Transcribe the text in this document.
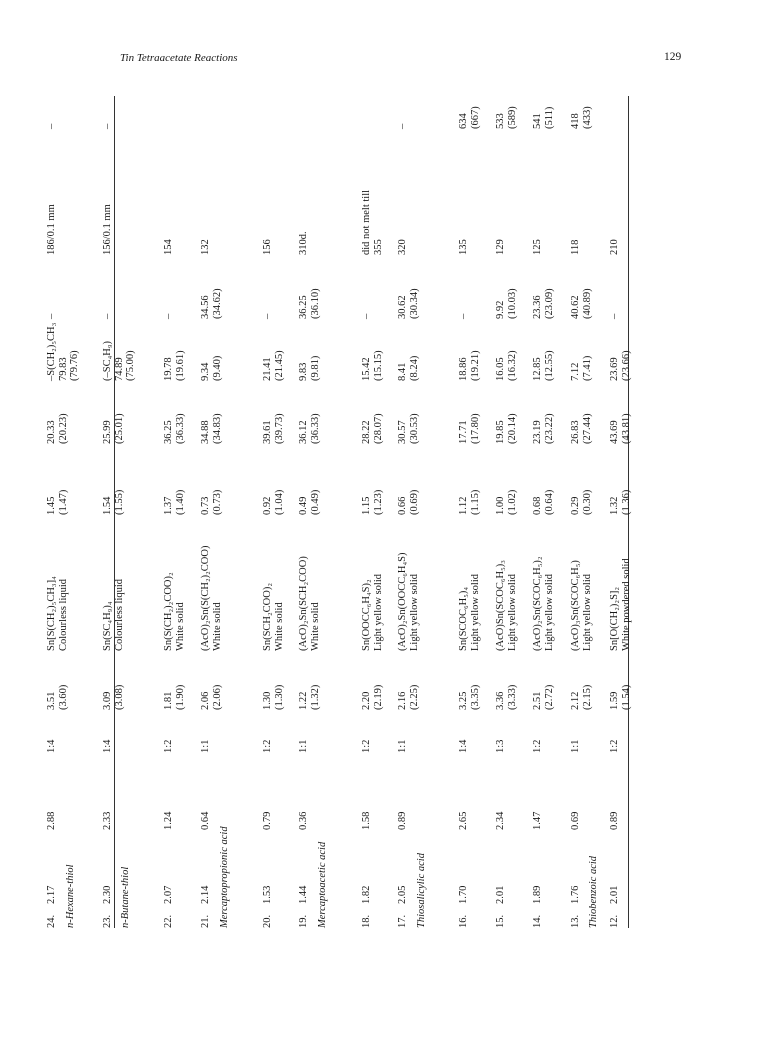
Tin Tetraacetate Reactions	129
12.
2.01
0.89
1:2
1.59
(1.54)
Sn[O(CH₂)₂S]₂
White powdered solid
1.32
(1.36)
43.69
(43.81)
23.69
(23.66)
–
210
Thiobenzoic acid
13.
1.76
0.69
1:1
2.12
(2.15)
(AcO)₃Sn(SCOC₆H₅)
Light yellow solid
0.29
(0.30)
26.83
(27.44)
7.12
(7.41)
40.62
(40.89)
118
418
(433)
14.
1.89
1.47
1:2
2.51
(2.72)
(AcO)₂Sn(SCOC₆H₅)₂
Light yellow solid
0.68
(0.64)
23.19
(23.22)
12.85
(12.55)
23.36
(23.09)
125
541
(511)
15.
2.01
2.34
1:3
3.36
(3.33)
(AcO)Sn(SCOC₆H₅)₃
Light yellow solid
1.00
(1.02)
19.85
(20.14)
16.05
(16.32)
9.92
(10.03)
129
533
(589)
16.
1.70
2.65
1:4
3.25
(3.35)
Sn(SCOC₆H₅)₄
Light yellow solid
1.12
(1.15)
17.71
(17.80)
18.86
(19.21)
–
135
634
(667)
Thiosalicylic acid
17.
2.05
0.89
1:1
2.16
(2.25)
(AcO)₂Sn(OOCC₆H₄S)
Light yellow solid
0.66
(0.69)
30.57
(30.53)
8.41
(8.24)
30.62
(30.34)
320
–
18.
1.82
1.58
1:2
2.20
(2.19)
Sn(OOCC₆H₄S)₂
Light yellow solid
1.15
(1.23)
28.22
(28.07)
15.42
(15.15)
–
did not melt till
355
Mercaptoacetic acid
19.
1.44
0.36
1:1
1.22
(1.32)
(AcO)₂Sn(SCH₂COO)
White solid
0.49
(0.49)
36.12
(36.33)
9.83
(9.81)
36.25
(36.10)
310d.
20.
1.53
0.79
1:2
1.30
(1.30)
Sn(SCH₂COO)₂
White solid
0.92
(1.04)
39.61
(39.73)
21.41
(21.45)
–
156
Mercaptopropionic acid
21.
2.14
0.64
1:1
2.06
(2.06)
(AcO)₂Sn(S(CH₂)₂COO)
White solid
0.73
(0.73)
34.88
(34.83)
9.34
(9.40)
34.56
(34.62)
132
22.
2.07
1.24
1:2
1.81
(1.90)
Sn(S(CH₂)₂COO)₂
White solid
1.37
(1.40)
36.25
(36.33)
19.78
(19.61)
–
154
n-Butane-thiol
23.
2.30
2.33
1:4
3.09
(3.08)
Sn(SC₄H₉)₄
Colourless liquid
1.54
(1.55)
25.99
(25.01)
(–SC₄H₉)
74.89
(75.00)
–
156/0.1 mm
–
n-Hexane-thiol
24.
2.17
2.88
1:4
3.51
(3.60)
Sn[S(CH₂)₅CH₃]₄
Colourless liquid
1.45
(1.47)
20.33
(20.23)
–S(CH₂)₅CH₃
79.83
(79.76)
–
186/0.1 mm
–
